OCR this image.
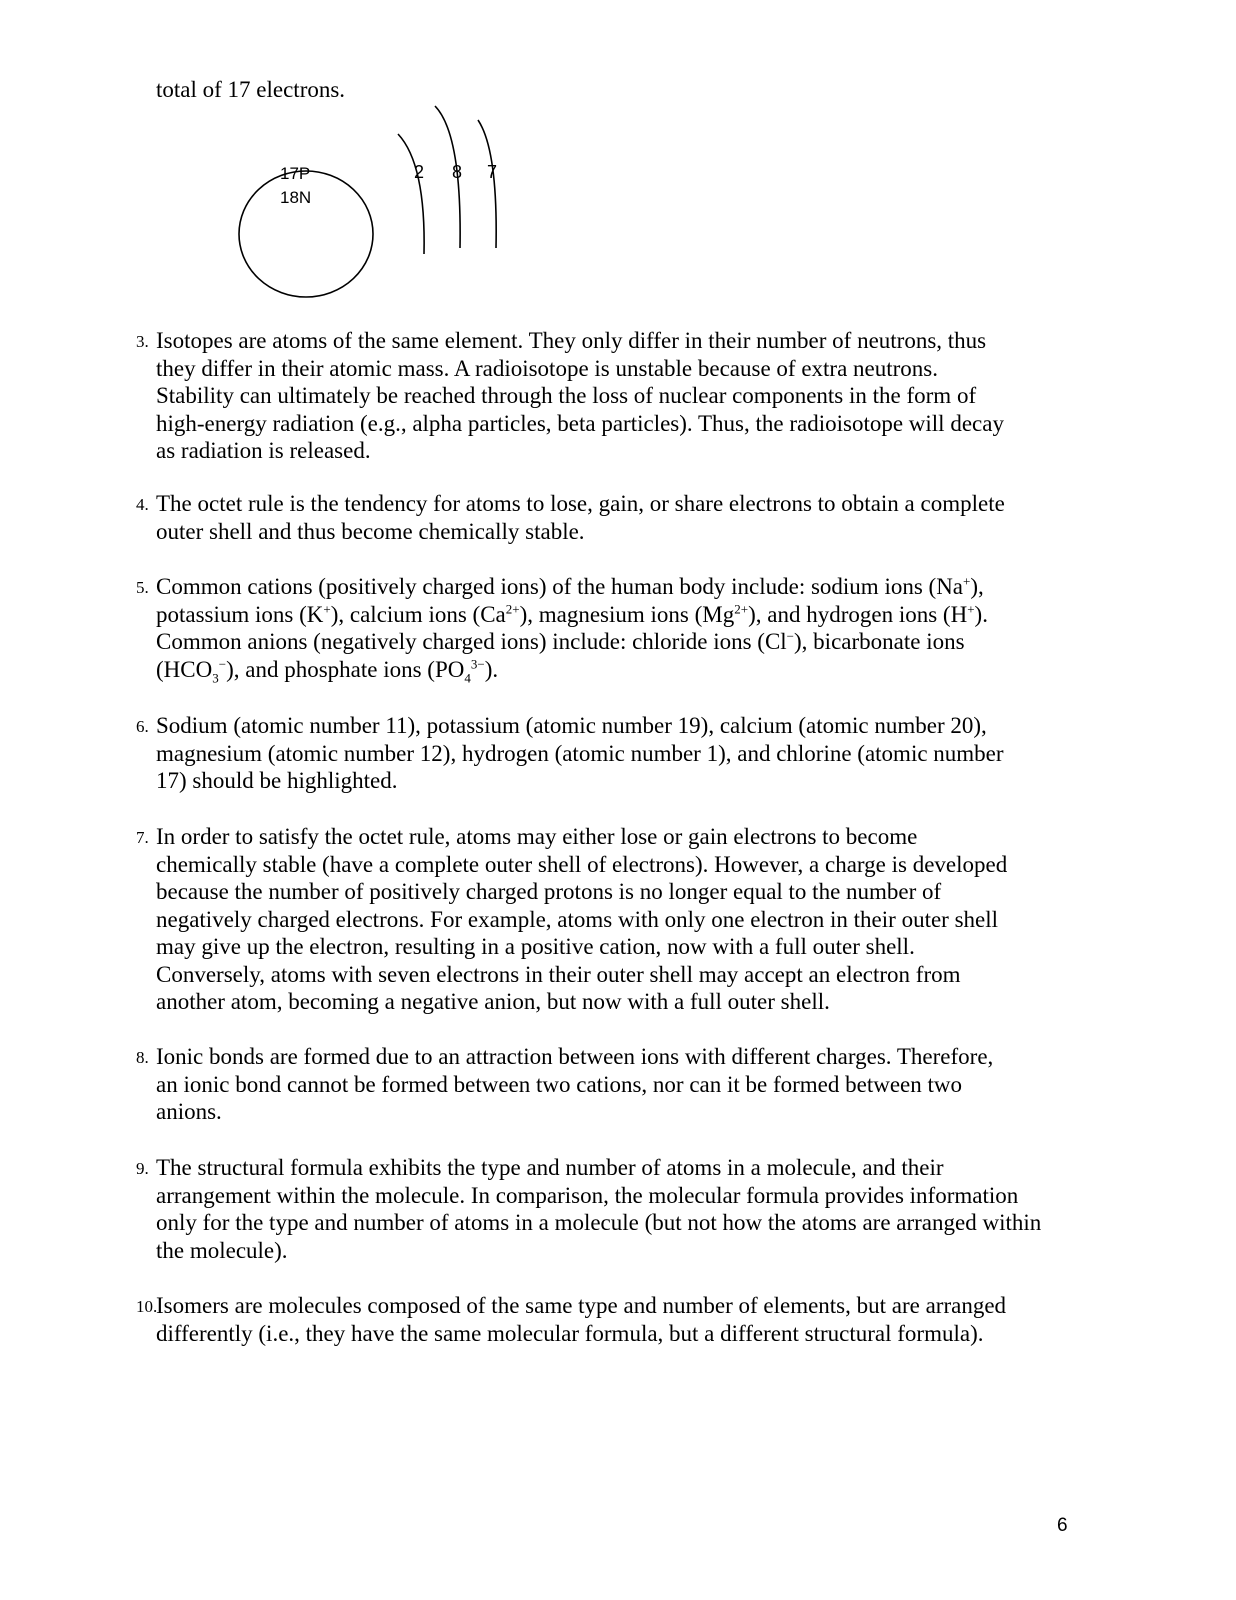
total of 17 electrons.
17P
18N
2 8 7
3. Isotopes are atoms of the same element. They only differ in their number of neutrons, thus
they differ in their atomic mass. A radioisotope is unstable because of extra neutrons.
Stability can ultimately be reached through the loss of nuclear components in the form of
high-energy radiation (e.g., alpha particles, beta particles). Thus, the radioisotope will decay
as radiation is released.
4. The octet rule is the tendency for atoms to lose, gain, or share electrons to obtain a complete
outer shell and thus become chemically stable.
5. Common cations (positively charged ions) of the human body include: sodium ions (Na+),
potassium ions (K+), calcium ions $(Ca^{2+})$, magnesium ions $(Mg^{2+})$, and hydrogen ions (H+).
Common anions (negatively charged ions) include: chloride ions (Cl−), bicarbonate ions
$(HCO_3^-)$, and phosphate ions $(PO_4^{3-})$.
6. Sodium (atomic number 11), potassium (atomic number 19), calcium (atomic number 20),
magnesium (atomic number 12), hydrogen (atomic number 1), and chlorine (atomic number
17) should be highlighted.
7. In order to satisfy the octet rule, atoms may either lose or gain electrons to become
chemically stable (have a complete outer shell of electrons). However, a charge is developed
because the number of positively charged protons is no longer equal to the number of
negatively charged electrons. For example, atoms with only one electron in their outer shell
may give up the electron, resulting in a positive cation, now with a full outer shell.
Conversely, atoms with seven electrons in their outer shell may accept an electron from
another atom, becoming a negative anion, but now with a full outer shell.
8. Ionic bonds are formed due to an attraction between ions with different charges. Therefore,
an ionic bond cannot be formed between two cations, nor can it be formed between two
anions.
9. The structural formula exhibits the type and number of atoms in a molecule, and their
arrangement within the molecule. In comparison, the molecular formula provides information
only for the type and number of atoms in a molecule (but not how the atoms are arranged within
the molecule).
10.
Isomers are molecules composed of the same type and number of elements, but are arranged
differently (i.e., they have the same molecular formula, but a different structural formula).
6
